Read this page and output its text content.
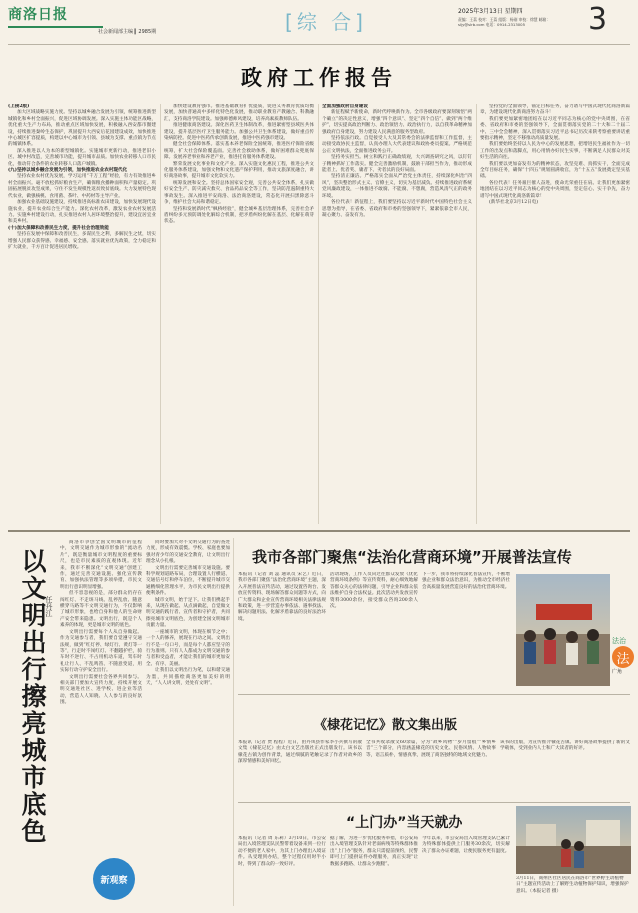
商洛日报
社会新闻部主编 ▎2985期	[综 合]	2025年3月13日 星期四
责编：王荔 校对：王荔 组版：杨刚 审校：徐慧 邮箱：sljy@slrb.com 电话：0914-2313005	3
政府工作报告

(上接2版)

加大区域战略实施力度。坚持以城乡融合发展为引领，统筹推进新型城镇化和乡村全面振兴，促进区域协调发展。深入实施主体功能区战略，优化重大生产力布局，推动重点区域加快发展，积极融入西安都市圈建设，持续推进秦岭生态保护，巩固提升大西安后花园建设成效，加快推进中心城区扩容提质，构建以中心城市为引领、县城为支撑、重点镇为节点的城镇体系。

深入推进以人为本的新型城镇化。实施城市更新行动，推进老旧小区、城中村改造，完善城市功能，提升城市品质。加快农业转移人口市民化，推动符合条件的农业转移人口落户城镇。

(九)坚持以城乡融合发展为引领，加快推进农业农村现代化

坚持农业农村优先发展，学习运用“千万工程”经验，有力有效推进乡村全面振兴。毫不放松抓好粮食生产，确保粮食播种面积和产量稳定。巩固拓展脱贫攻坚成果，守住不发生规模性返贫致贫底线。大力发展特色现代农业，做强核桃、食用菌、茶叶、中药材等主导产业。

加强农业基础设施建设，持续推进高标准农田建设，加快发展现代设施农业，提升农业综合生产能力。深化农村改革，激发农业农村发展活力。实施乡村建设行动，扎实推进农村人居环境整治提升，建设宜居宜业和美乡村。

(十)加大保障和改善民生力度，提升社会治理效能

坚持在发展中保障和改善民生，多谋民生之利，多解民生之忧，切实增强人民群众获得感、幸福感、安全感。落实就业优先政策，全力稳定和扩大就业，千方百计促进居民增收。

加快建设教育强市。推进基础教育扩优提质，促进义务教育优质均衡发展，加快普通高中多样化特色化发展，推动职业教育产教融合、科教融汇，支持商洛学院建设。加强师德师风建设，培养高素质教师队伍。

推进健康商洛建设。深化医药卫生体制改革，推进紧密型县域医共体建设，提升基层医疗卫生服务能力。加强公共卫生体系建设，做好重点传染病防控。促进中医药传承创新发展，推进中医药强市建设。

健全社会保障体系。落实基本养老保险全国统筹，推进医疗保险省级统筹，扩大社会保险覆盖面。完善社会救助体系，做好困难群众兜底保障。发展养老事业和养老产业，推进托育服务体系建设。

繁荣发展文化事业和文化产业。深入实施文化惠民工程，推进公共文化服务体系建设，加强文物和文化遗产保护利用，推动文旅深度融合，讲好商洛故事，提升城市文化软实力。

统筹发展和安全。坚持总体国家安全观，完善公共安全体系，扎实做好安全生产、防灾减灾救灾、食品药品安全等工作，坚决防范遏制重特大事故发生。深入推进平安商洛、法治商洛建设，常态化开展扫黑除恶斗争，维护社会大局和谐稳定。

坚持和发展新时代“枫桥经验”，健全城乡基层治理体系，完善社会矛盾纠纷多元预防调处化解综合机制，把矛盾纠纷化解在基层、化解在萌芽状态。

全面加强政府自身建设

新征程赋予新使命，新时代呼唤新作为。全市各级政府要深刻领悟“两个确立”的决定性意义，增强“四个意识”、坚定“四个自信”、做到“两个维护”，切实提高政治判断力、政治领悟力、政治执行力，以自我革命精神加强政府自身建设，努力建设人民满意的服务型政府。

坚持依法行政。自觉接受人大及其常委会的法律监督和工作监督，主动接受政协民主监督，认真办理人大代表建议和政协委员提案。严格规范公正文明执法，全面推进政务公开。

坚持务实担当。树立和践行正确政绩观，大兴调查研究之风，以钉钉子精神抓好工作落实。健全完善激励机制，鼓励干部担当作为，推动形成能者上、优者奖、庸者下、劣者汰的良好局面。

坚持清正廉洁。严格落实全面从严治党主体责任，持续深化纠治“四风”，坚决整治形式主义、官僚主义，切实为基层减负。持续推进政府系统党风廉政建设，一体推进不敢腐、不能腐、不想腐，营造风清气正的政务环境。

各位代表！新征程上，我们要坚持以习近平新时代中国特色社会主义思想为指导，在省委、省政府和市委的坚强领导下，紧紧依靠全市人民，凝心聚力、奋发有为。

坚持党的全面领导，锚定目标任务，奋力谱写中国式现代化商洛新篇章，为建设现代化新商洛努力奋斗！

我们要更加紧密地团结在以习近平同志为核心的党中央周围，在省委、省政府和市委的坚强领导下，全面贯彻落实党的二十大和二十届二中、三中全会精神，深入贯彻落实习近平总书记历次来陕考察重要讲话重要指示精神，坚定不移推动高质量发展。

我们要始终坚持以人民为中心的发展思想，把增进民生福祉作为一切工作的出发点和落脚点，用心用情办好民生实事，不断满足人民群众对美好生活的向往。

我们要以更加奋发有为的精神状态，攻坚克难、真抓实干，全面完成全年目标任务，确保“十四五”规划圆满收官，为“十五五”发展奠定坚实基础。

各位代表！任务艰巨催人奋进，使命光荣重任在肩。让我们更加紧密地团结在以习近平同志为核心的党中央周围，坚定信心、实干争先，奋力谱写中国式现代化商洛新篇章！

(新华社北京3月12日电)

以文明出行擦亮城市底色
任丹江

商洛市争创全国文明城市的征程中，文明交通作为城市形象的“流动名片”，既是衡量城市文明程度的重要标尺，也是市民素质的直观体现。近年来，我市不断深化“文明交通”创建工作，通过完善交通设施、强化宣传教育、加强执法管理等多项举措，市民文明出行意识明显增强。

但不容忽视的是，部分群众仍存在闯红灯、不走斑马线、乱停乱放、随意横穿马路等不文明交通行为，不仅影响了城市形象，也给自身和他人的生命财产安全带来隐患。文明出行，既是个人素养的体现，更是城市文明的底色。

文明出行需要每个人从自身做起。作为交通参与者，我们要自觉遵守交通法规，做到“红灯停、绿灯行、黄灯等一等”，行走时不闯红灯、不翻越护栏，骑车时不逆行、不占用机动车道，驾车时礼让行人、不乱鸣笛、不随意变道，用实际行动守护安全出行。

文明出行需要社会各界共同参与。相关部门要加大宣传力度，持续开展文明交通进社区、进学校、进企业等活动，营造人人知晓、人人参与的良好氛围。

同时要加大对不文明交通行为的查处力度，形成有效震慑。学校、家庭也要加强对青少年的交通安全教育，让文明出行理念从小扎根。

文明出行需要完善城市交通设施。要科学规划道路布局，合理设置人行横道、交通信号灯和停车泊位，不断提升城市交通精细化管理水平，为市民文明出行提供便利条件。

城市文明，始于足下。让我们携起手来，从现在做起、从点滴做起，自觉做文明交通的践行者、宣传者和守护者，共同擦亮城市文明底色，为创建全国文明城市贡献力量。

一座城市的文明，体现在细节之中；一个人的修养，展现在行动之间。文明出行不是一句口号，而是每个人都应坚守的行为准则。只有人人都成为文明交通的参与者和受益者，才能让我们的城市更加安全、有序、美丽。

让我们以文明出行为笔，以和谐交通为墨，共同描绘商洛更加美好的明天，“人人讲文明，处处有文明”。

新观察
我市各部门聚焦“法治化营商环境”开展普法宣传
本报讯（记者 刘 蕊 通讯员 宋艺）近日，我市各部门聚焦“法治化营商环境”主题，深入开展普法宣传活动，通过设置咨询台、发放宣传资料、现场解答群众问题等方式，向广大群众和企业宣传营商环境相关法律法规和政策，进一步营造办事依法、遇事找法、解决问题用法、化解矛盾靠法的良好法治环境。
活动现场，工作人员向过往群众发放《优化营商环境条例》等宣传资料，耐心细致地解答群众关心的法律问题，引导企业和群众依法维护自身合法权益。此次活动共发放宣传资料3000余份，接受群众咨询200余人次。
下一步，我市将持续深化普法宣传，不断增强企业和群众法治意识，为推动全市经济社会高质量发展营造良好的法治化营商环境。
法治
法
广角
《棣花记忆》散文集出版
本报讯（记者 贾 程程）近日，由丹凤县作家李小兵撰写的散文集《棣花记忆》由太白文艺出版社正式出版发行。该书以棣花古镇为创作背景，通过细腻的笔触记录了作者对故乡的深厚情感和美好回忆。
全书共收录散文60余篇，分为“故乡风物”“岁月留痕”“乡情乡音”三个部分，内容涵盖棣花的历史文化、民俗风情、人物故事等，语言质朴，情感真挚，展现了商洛独特的地域文化魅力。
该书的出版，为宣传推介棣花古镇、讲好商洛故事提供了新的文学载体，受到业内人士和广大读者的好评。
“上门办”当天就办
本报讯（记者 周 东莉）3月10日，市公安局出入境管理支队民警带着设备来到一位行动不便的老人家中，为其上门办理出入境证件。从受理到办结，整个过程仅用时半小时，得到了群众的一致好评。
据了解，为进一步优化服务举措，市公安局出入境管理支队针对老弱病残等特殊群体推出“上门办”服务，群众只需提前预约，民警即可上门提供证件办理服务，真正实现“让数据多跑路、让群众少跑腿”。
今年以来，市公安局出入境管理支队已累计为特殊群体提供上门服务30余次，切实解决了群众办证难题，让便民服务更有温度。
3月11日，商州区社区居民在商洛市“世界野生动植物日”主题宣传活动上了解野生动植物保护知识，增强保护意识。（本报记者 摄）
